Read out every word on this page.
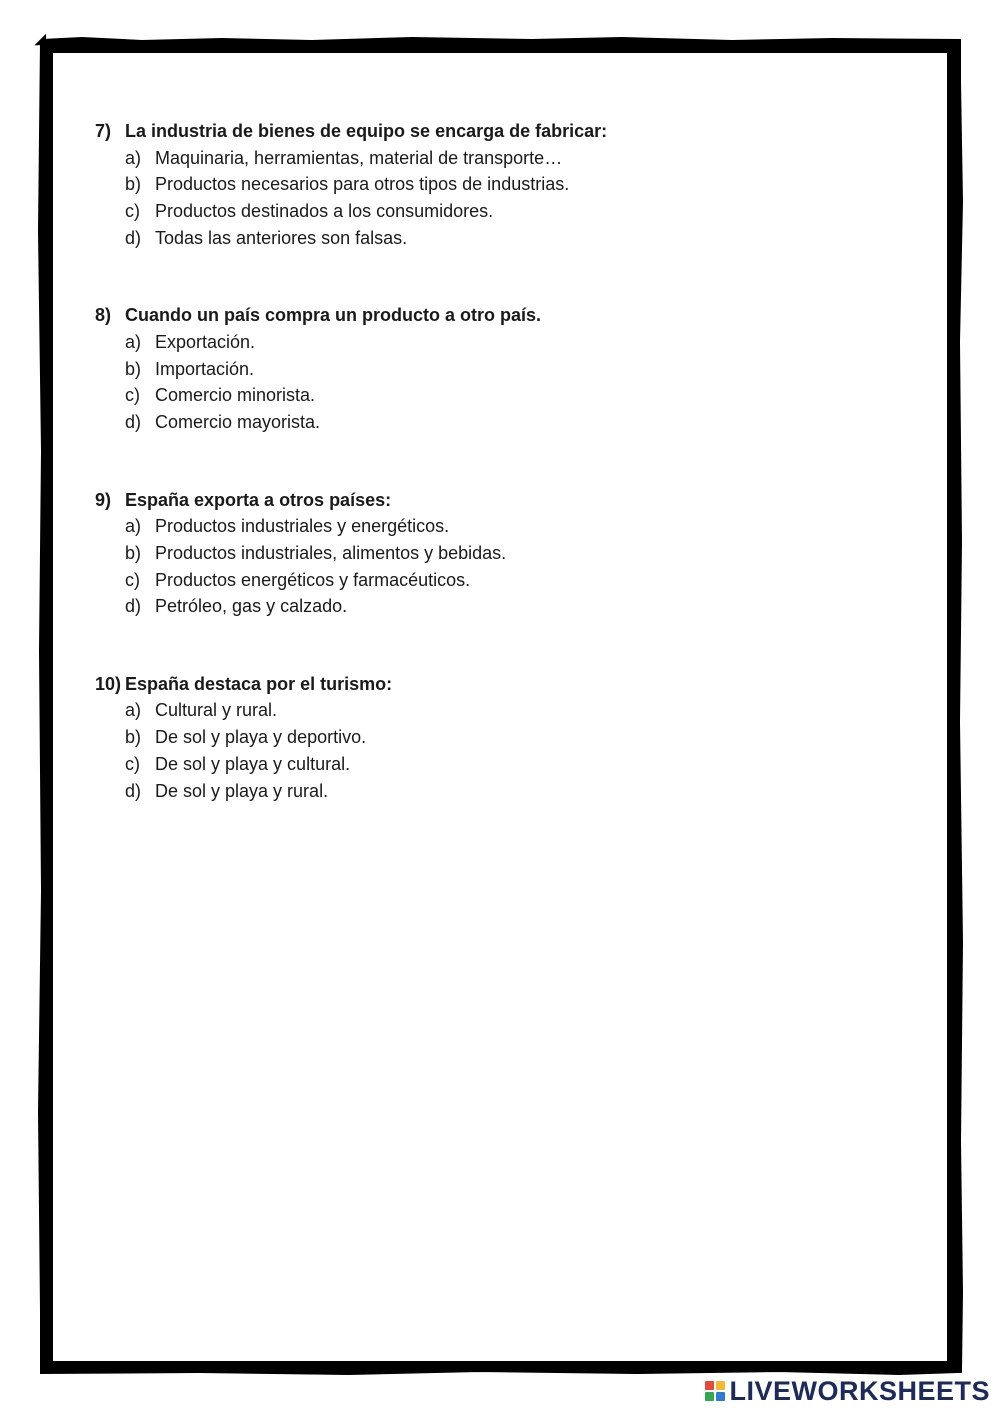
7) La industria de bienes de equipo se encarga de fabricar:
a) Maquinaria, herramientas, material de transporte…
b) Productos necesarios para otros tipos de industrias.
c) Productos destinados a los consumidores.
d) Todas las anteriores son falsas.
8) Cuando un país compra un producto a otro país.
a) Exportación.
b) Importación.
c) Comercio minorista.
d) Comercio mayorista.
9) España exporta a otros países:
a) Productos industriales y energéticos.
b) Productos industriales, alimentos y bebidas.
c) Productos energéticos y farmacéuticos.
d) Petróleo, gas y calzado.
10) España destaca por el turismo:
a) Cultural y rural.
b) De sol y playa y deportivo.
c) De sol y playa y cultural.
d) De sol y playa y rural.
LIVEWORKSHEETS
